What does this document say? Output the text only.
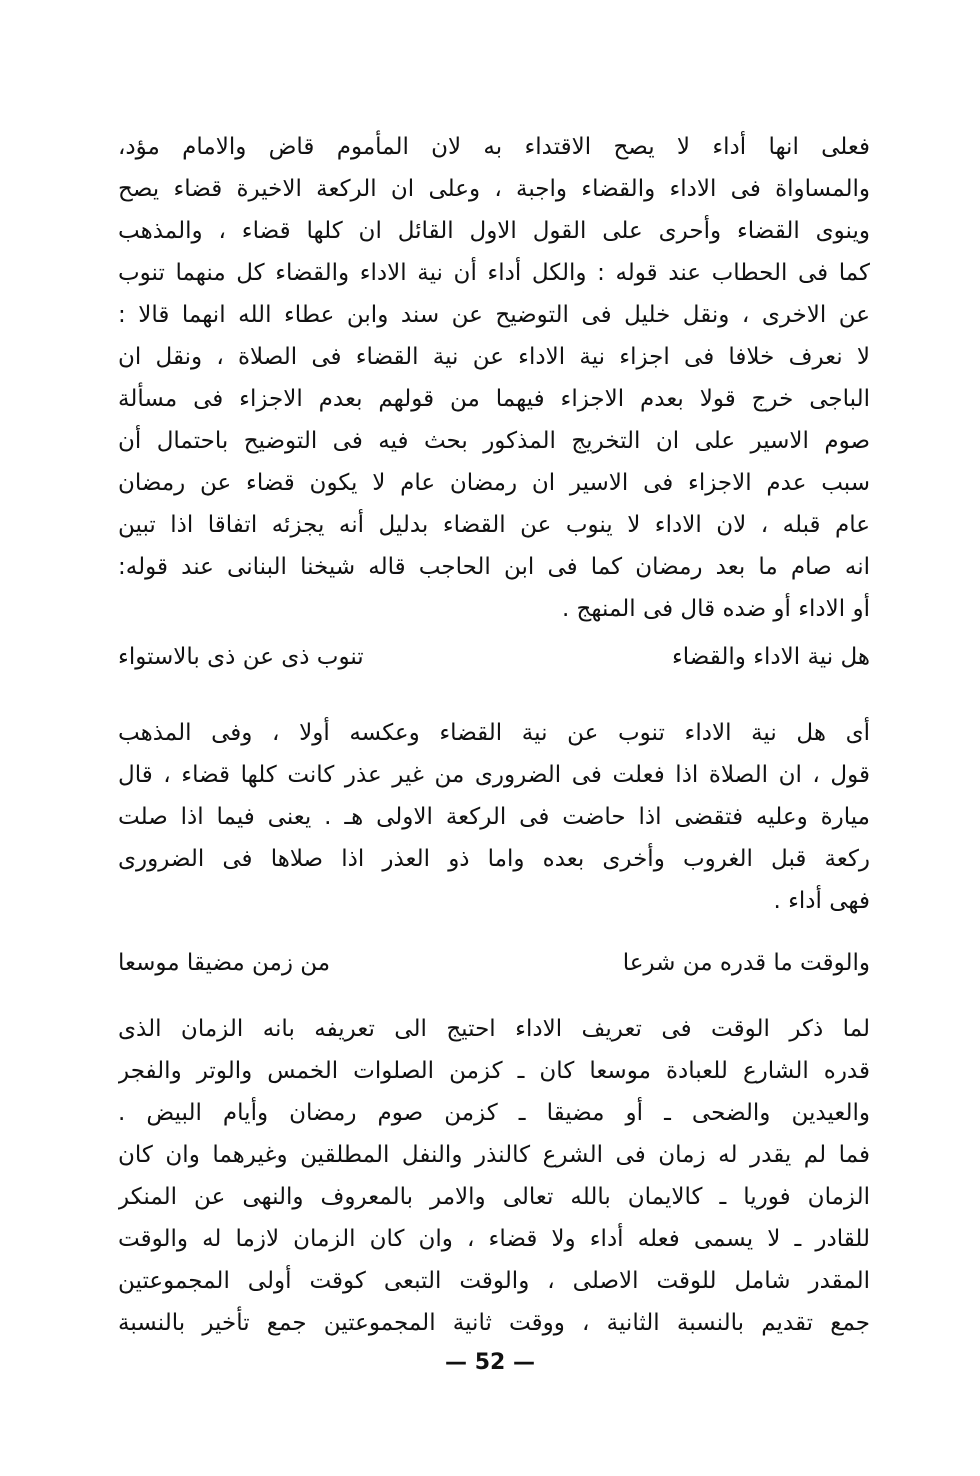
فعلى انها أداء لا يصح الاقتداء به لان المأموم قاض والامام مؤد،
والمساواة فى الاداء والقضاء واجبة ، وعلى ان الركعة الاخيرة قضاء يصح
وينوى القضاء وأحرى على القول الاول القائل ان كلها قضاء ، والمذهب
كما فى الحطاب عند قوله : والكل أداء أن نية الاداء والقضاء كل منهما تنوب
عن الاخرى ، ونقل خليل فى التوضيح عن سند وابن عطاء الله انهما قالا :
لا نعرف خلافا فى اجزاء نية الاداء عن نية القضاء فى الصلاة ، ونقل ان
الباجى خرج قولا بعدم الاجزاء فيهما من قولهم بعدم الاجزاء فى مسألة
صوم الاسير على ان التخريج المذكور بحث فيه فى التوضيح باحتمال أن
سبب عدم الاجزاء فى الاسير ان رمضان عام لا يكون قضاء عن رمضان
عام قبله ، لان الاداء لا ينوب عن القضاء بدليل أنه يجزئه اتفاقا اذا تبين
انه صام ما بعد رمضان كما فى ابن الحاجب قاله شيخنا البنانى عند قوله:
أو الاداء أو ضده قال فى المنهج .
هل نية الاداء والقضاء
تنوب ذى عن ذى بالاستواء
أى هل نية الاداء تنوب عن نية القضاء وعكسه أولا ، وفى المذهب
قول ، ان الصلاة اذا فعلت فى الضرورى من غير عذر كانت كلها قضاء ، قال
ميارة وعليه فتقضى اذا حاضت فى الركعة الاولى هـ . يعنى فيما اذا صلت
ركعة قبل الغروب وأخرى بعده واما ذو العذر اذا صلاها فى الضرورى
فهى أداء .
والوقت ما قدره من شرعا
من زمن مضيقا موسعا
لما ذكر الوقت فى تعريف الاداء احتيج الى تعريفه بانه الزمان الذى
قدره الشارع للعبادة موسعا كان ـ كزمن الصلوات الخمس والوتر والفجر
والعيدين والضحى ـ أو مضيقا ـ كزمن صوم رمضان وأيام البيض .
فما لم يقدر له زمان فى الشرع كالنذر والنفل المطلقين وغيرهما وان كان
الزمان فوريا ـ كالايمان بالله تعالى والامر بالمعروف والنهى عن المنكر
للقادر ـ لا يسمى فعله أداء ولا قضاء ، وان كان الزمان لازما له والوقت
المقدر شامل للوقت الاصلى ، والوقت التبعى كوقت أولى المجموعتين
جمع تقديم بالنسبة الثانية ، ووقت ثانية المجموعتين جمع تأخير بالنسبة
— 52 —
